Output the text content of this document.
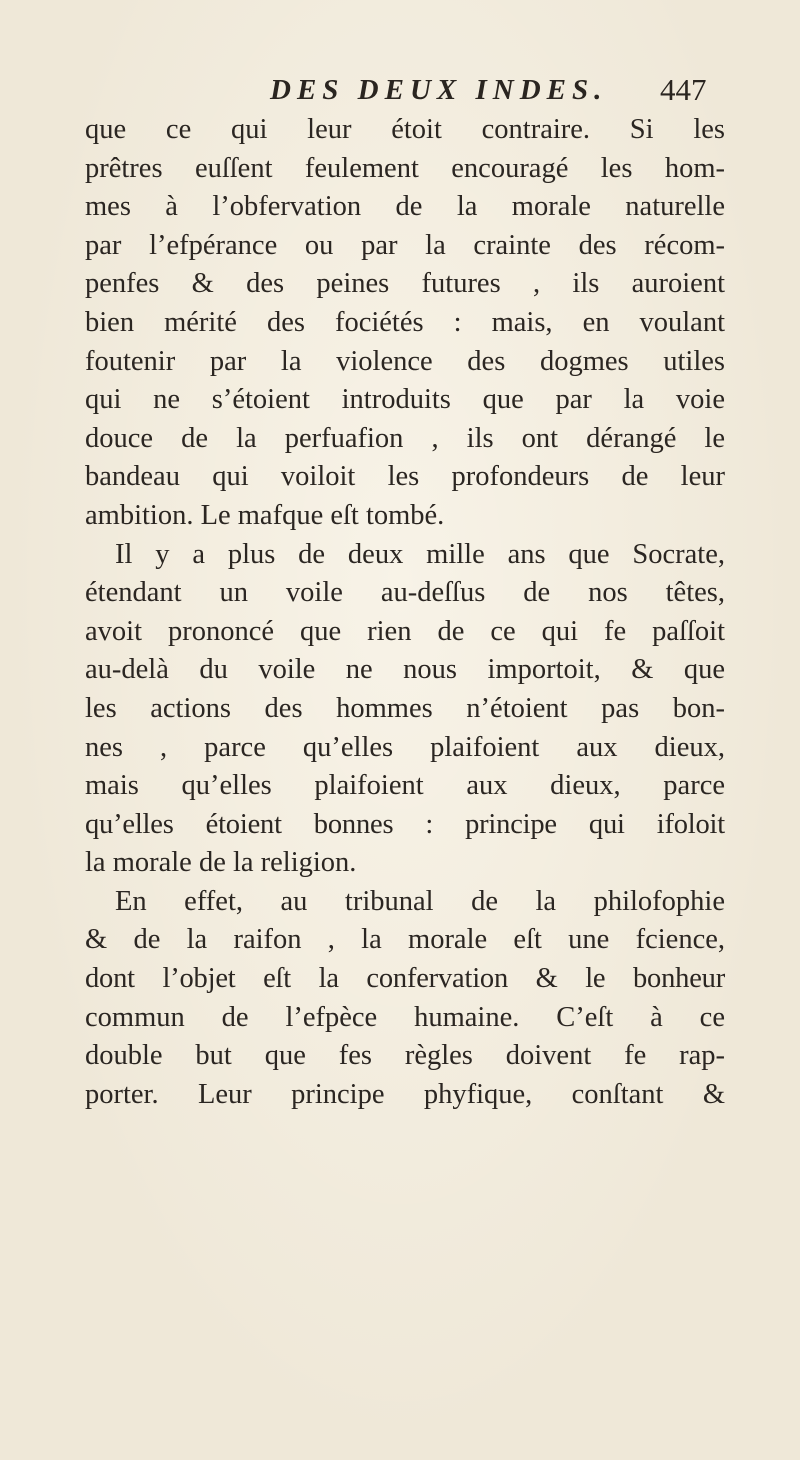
DES DEUX INDES.	447
que ce qui leur étoit contraire. Si les
prêtres euſſent feulement encouragé les hom-
mes à l’obfervation de la morale naturelle
par l’efpérance ou par la crainte des récom-
penfes & des peines futures , ils auroient
bien mérité des fociétés : mais, en voulant
foutenir par la violence des dogmes utiles
qui ne s’étoient introduits que par la voie
douce de la perfuafion , ils ont dérangé le
bandeau qui voiloit les profondeurs de leur
ambition. Le mafque eſt tombé.
Il y a plus de deux mille ans que Socrate,
étendant un voile au-deſſus de nos têtes,
avoit prononcé que rien de ce qui fe paſſoit
au-delà du voile ne nous importoit, & que
les actions des hommes n’étoient pas bon-
nes , parce qu’elles plaifoient aux dieux,
mais qu’elles plaifoient aux dieux, parce
qu’elles étoient bonnes : principe qui ifoloit
la morale de la religion.
En effet, au tribunal de la philofophie
& de la raifon , la morale eſt une fcience,
dont l’objet eſt la confervation & le bonheur
commun de l’efpèce humaine. C’eſt à ce
double but que fes règles doivent fe rap-
porter. Leur principe phyfique, conſtant &
